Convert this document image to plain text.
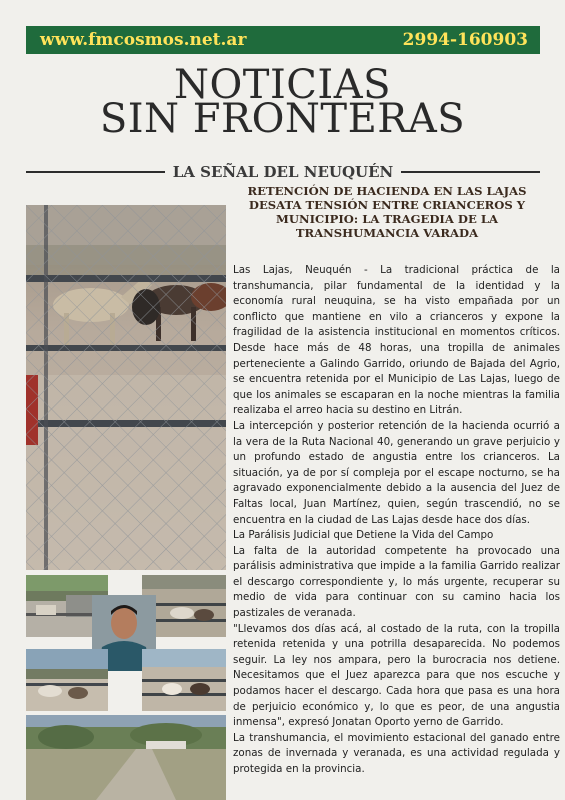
www.fmcosmos.net.ar	2994-160903
NOTICIAS
SIN FRONTERAS
LA SEÑAL DEL NEUQUÉN
RETENCIÓN DE HACIENDA EN LAS LAJAS DESATA TENSIÓN ENTRE CRIANCEROS Y MUNICIPIO: LA TRAGEDIA DE LA TRANSHUMANCIA VARADA

Las Lajas, Neuquén - La tradicional práctica de la transhumancia, pilar fundamental de la identidad y la economía rural neuquina, se ha visto empañada por un conflicto que mantiene en vilo a crianceros y expone la fragilidad de la asistencia institucional en momentos críticos. Desde hace más de 48 horas, una tropilla de animales perteneciente a Galindo Garrido, oriundo de Bajada del Agrio, se encuentra retenida por el Municipio de Las Lajas, luego de que los animales se escaparan en la noche mientras la familia realizaba el arreo hacia su destino en Litrán.

La intercepción y posterior retención de la hacienda ocurrió a la vera de la Ruta Nacional 40, generando un grave perjuicio y un profundo estado de angustia entre los crianceros. La situación, ya de por sí compleja por el escape nocturno, se ha agravado exponencialmente debido a la ausencia del Juez de Faltas local, Juan Martínez, quien, según trascendió, no se encuentra en la ciudad de Las Lajas desde hace dos días.

La Parálisis Judicial que Detiene la Vida del Campo

La falta de la autoridad competente ha provocado una parálisis administrativa que impide a la familia Garrido realizar el descargo correspondiente y, lo más urgente, recuperar su medio de vida para continuar con su camino hacia los pastizales de veranada.

"Llevamos dos días acá, al costado de la ruta, con la tropilla retenida retenida y una potrilla desaparecida. No podemos seguir. La ley nos ampara, pero la burocracia nos detiene. Necesitamos que el Juez aparezca para que nos escuche y podamos hacer el descargo. Cada hora que pasa es una hora de perjuicio económico y, lo que es peor, de una angustia inmensa", expresó Jonatan Oporto yerno de Garrido.

La transhumancia, el movimiento estacional del ganado entre zonas de invernada y veranada, es una actividad regulada y protegida en la provincia.
